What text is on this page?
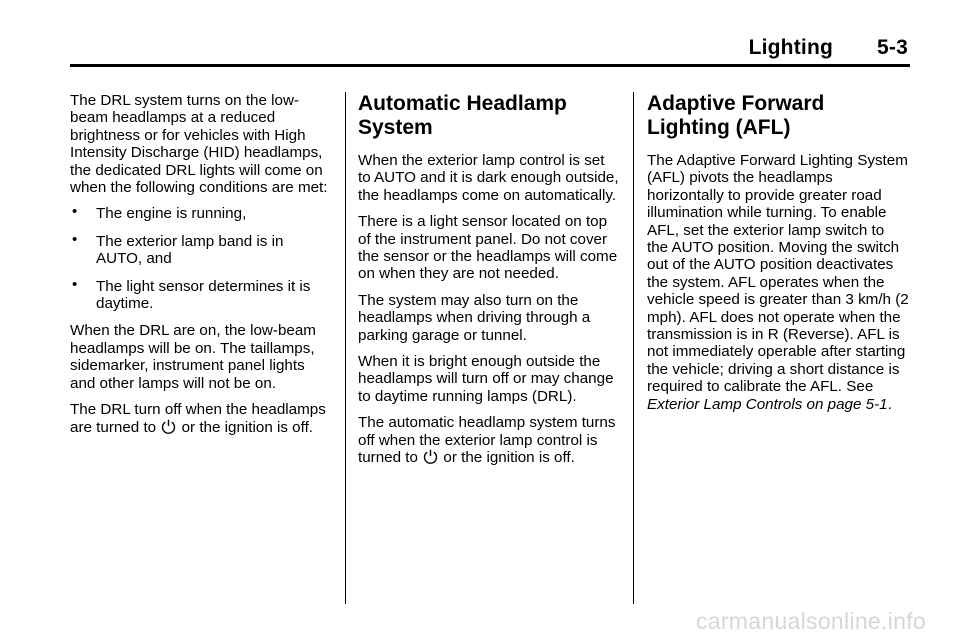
Lighting 5-3

The DRL system turns on the low-beam headlamps at a reduced brightness or for vehicles with High Intensity Discharge (HID) headlamps, the dedicated DRL lights will come on when the following conditions are met:

• The engine is running,
• The exterior lamp band is in AUTO, and
• The light sensor determines it is daytime.

When the DRL are on, the low-beam headlamps will be on. The taillamps, sidemarker, instrument panel lights and other lamps will not be on.

The DRL turn off when the headlamps are turned to or the ignition is off.

Automatic Headlamp System

When the exterior lamp control is set to AUTO and it is dark enough outside, the headlamps come on automatically.

There is a light sensor located on top of the instrument panel. Do not cover the sensor or the headlamps will come on when they are not needed.

The system may also turn on the headlamps when driving through a parking garage or tunnel.

When it is bright enough outside the headlamps will turn off or may change to daytime running lamps (DRL).

The automatic headlamp system turns off when the exterior lamp control is turned to or the ignition is off.

Adaptive Forward Lighting (AFL)

The Adaptive Forward Lighting System (AFL) pivots the headlamps horizontally to provide greater road illumination while turning. To enable AFL, set the exterior lamp switch to the AUTO position. Moving the switch out of the AUTO position deactivates the system. AFL operates when the vehicle speed is greater than 3 km/h (2 mph). AFL does not operate when the transmission is in R (Reverse). AFL is not immediately operable after starting the vehicle; driving a short distance is required to calibrate the AFL. See Exterior Lamp Controls on page 5-1.

carmanualsonline.info
